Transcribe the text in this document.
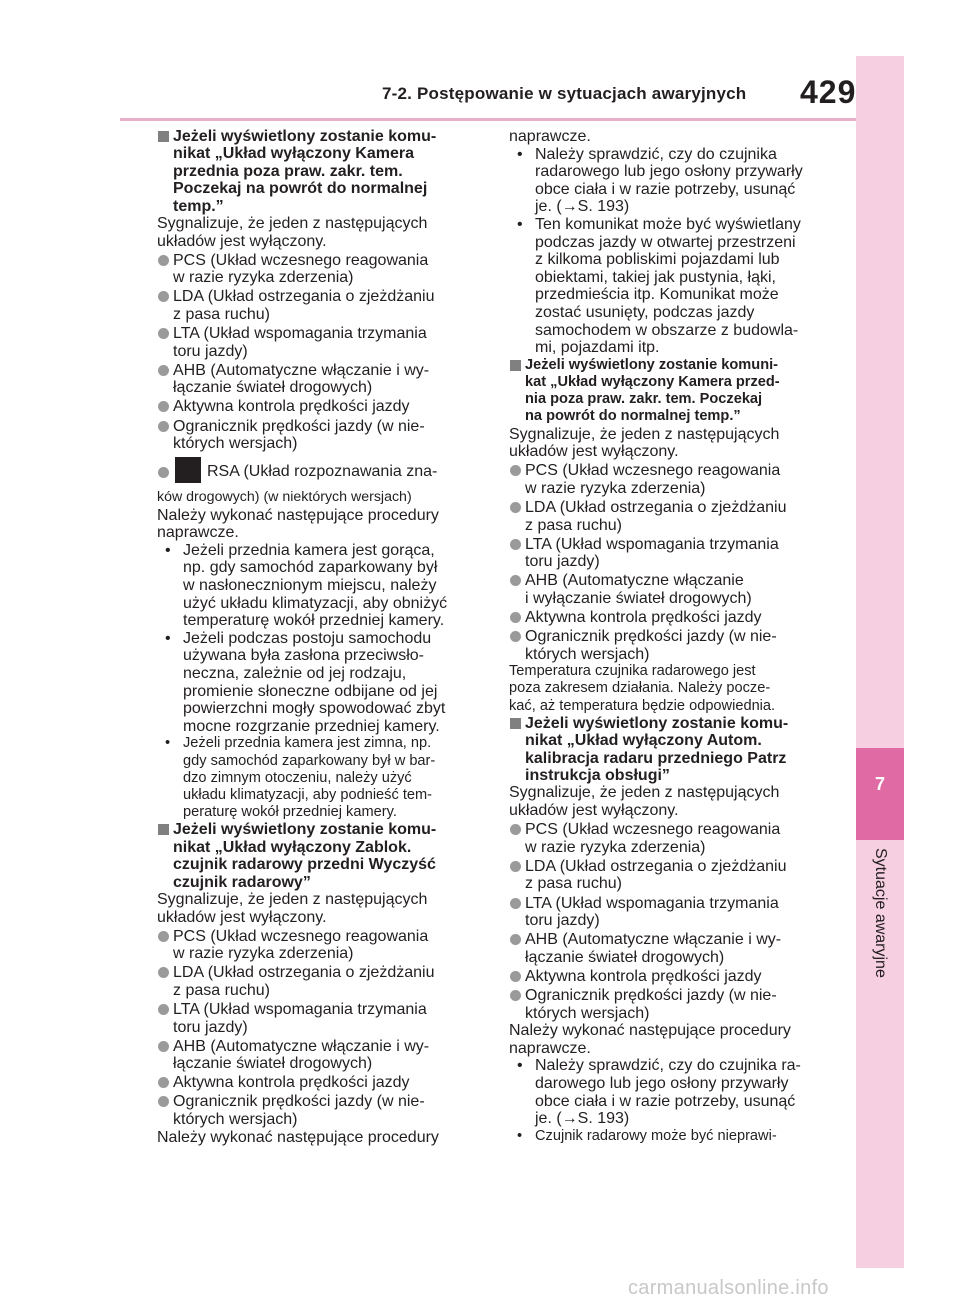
7-2. Postępowanie w sytuacjach awaryjnych 429
7
Sytuacje awaryjne

Jeżeli wyświetlony zostanie komu-
nikat „Układ wyłączony Kamera
przednia poza praw. zakr. tem.
Poczekaj na powrót do normalnej
temp.”

Sygnalizuje, że jeden z następujących
układów jest wyłączony.

PCS (Układ wczesnego reagowania
w razie ryzyka zderzenia)

LDA (Układ ostrzegania o zjeżdżaniu
z pasa ruchu)

LTA (Układ wspomagania trzymania
toru jazdy)

AHB (Automatyczne włączanie i wy-
łączanie świateł drogowych)

Aktywna kontrola prędkości jazdy

Ogranicznik prędkości jazdy (w nie-
których wersjach)

RSA (Układ rozpoznawania zna-

ków drogowych) (w niektórych wersjach)

Należy wykonać następujące procedury
naprawcze.

• Jeżeli przednia kamera jest gorąca,
np. gdy samochód zaparkowany był
w nasłonecznionym miejscu, należy
użyć układu klimatyzacji, aby obniżyć
temperaturę wokół przedniej kamery.

• Jeżeli podczas postoju samochodu
używana była zasłona przeciwsło-
neczna, zależnie od jej rodzaju,
promienie słoneczne odbijane od jej
powierzchni mogły spowodować zbyt
mocne rozgrzanie przedniej kamery.

• Jeżeli przednia kamera jest zimna, np.
gdy samochód zaparkowany był w bar-
dzo zimnym otoczeniu, należy użyć
układu klimatyzacji, aby podnieść tem-
peraturę wokół przedniej kamery.

Jeżeli wyświetlony zostanie komu-
nikat „Układ wyłączony Zablok.
czujnik radarowy przedni Wyczyść
czujnik radarowy”

Sygnalizuje, że jeden z następujących
układów jest wyłączony.

PCS (Układ wczesnego reagowania
w razie ryzyka zderzenia)

LDA (Układ ostrzegania o zjeżdżaniu
z pasa ruchu)

LTA (Układ wspomagania trzymania
toru jazdy)

AHB (Automatyczne włączanie i wy-
łączanie świateł drogowych)

Aktywna kontrola prędkości jazdy

Ogranicznik prędkości jazdy (w nie-
których wersjach)

Należy wykonać następujące procedury

naprawcze.

• Należy sprawdzić, czy do czujnika
radarowego lub jego osłony przywarły
obce ciała i w razie potrzeby, usunąć
je. (→S. 193)

• Ten komunikat może być wyświetlany
podczas jazdy w otwartej przestrzeni
z kilkoma pobliskimi pojazdami lub
obiektami, takiej jak pustynia, łąki,
przedmieścia itp. Komunikat może
zostać usunięty, podczas jazdy
samochodem w obszarze z budowla-
mi, pojazdami itp.

Jeżeli wyświetlony zostanie komuni-
kat „Układ wyłączony Kamera przed-
nia poza praw. zakr. tem. Poczekaj
na powrót do normalnej temp.”

Sygnalizuje, że jeden z następujących
układów jest wyłączony.

PCS (Układ wczesnego reagowania
w razie ryzyka zderzenia)

LDA (Układ ostrzegania o zjeżdżaniu
z pasa ruchu)

LTA (Układ wspomagania trzymania
toru jazdy)

AHB (Automatyczne włączanie
i wyłączanie świateł drogowych)

Aktywna kontrola prędkości jazdy

Ogranicznik prędkości jazdy (w nie-
których wersjach)

Temperatura czujnika radarowego jest
poza zakresem działania. Należy pocze-
kać, aż temperatura będzie odpowiednia.

Jeżeli wyświetlony zostanie komu-
nikat „Układ wyłączony Autom.
kalibracja radaru przedniego Patrz
instrukcja obsługi”

Sygnalizuje, że jeden z następujących
układów jest wyłączony.

PCS (Układ wczesnego reagowania
w razie ryzyka zderzenia)

LDA (Układ ostrzegania o zjeżdżaniu
z pasa ruchu)

LTA (Układ wspomagania trzymania
toru jazdy)

AHB (Automatyczne włączanie i wy-
łączanie świateł drogowych)

Aktywna kontrola prędkości jazdy

Ogranicznik prędkości jazdy (w nie-
których wersjach)

Należy wykonać następujące procedury
naprawcze.

• Należy sprawdzić, czy do czujnika ra-
darowego lub jego osłony przywarły
obce ciała i w razie potrzeby, usunąć
je. (→S. 193)

• Czujnik radarowy może być nieprawi-

carmanualsonline.info
